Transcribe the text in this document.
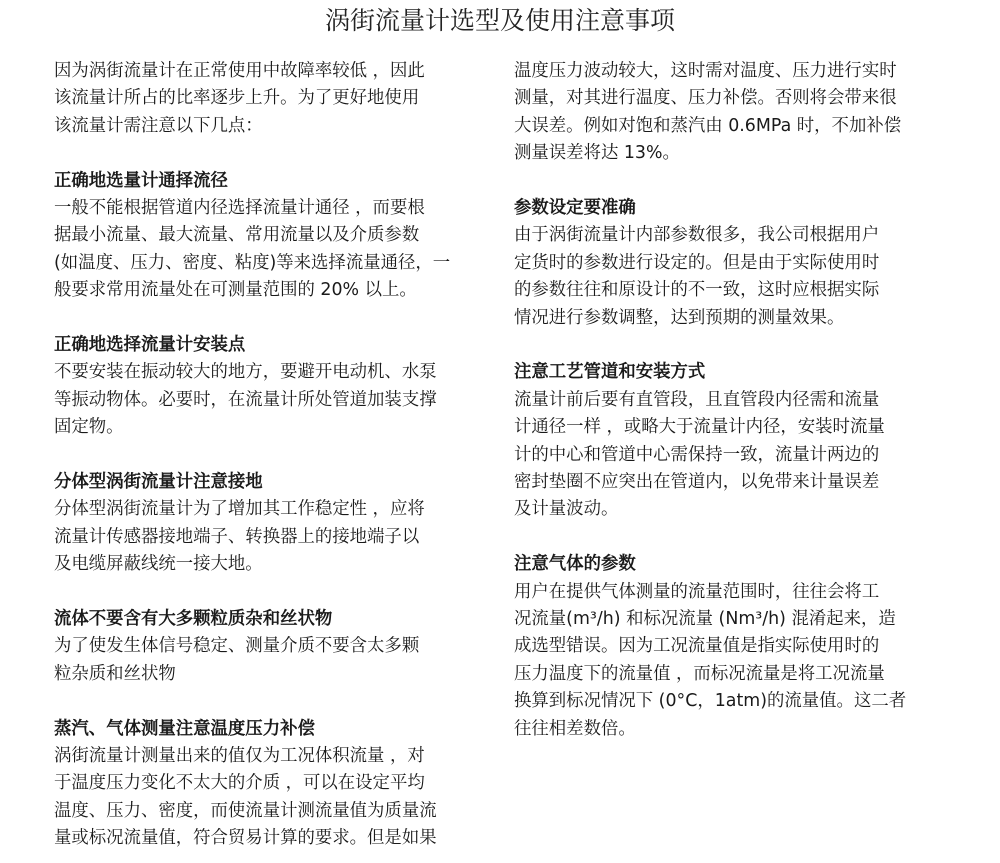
涡街流量计选型及使用注意事项

因为涡街流量计在正常使用中故障率较低 ，因此

该流量计所占的比率逐步上升。为了更好地使用

该流量计需注意以下几点：

正确地选量计通择流径

一般不能根据管道内径选择流量计通径 ，而要根

据最小流量、最大流量、常用流量以及介质参数

(如温度、压力、密度、粘度)等来选择流量通径，一

般要求常用流量处在可测量范围的 20% 以上。

正确地选择流量计安装点

不要安装在振动较大的地方，要避开电动机、水泵

等振动物体。必要时，在流量计所处管道加装支撑

固定物。

分体型涡街流量计注意接地

分体型涡街流量计为了增加其工作稳定性 ，应将

流量计传感器接地端子、转换器上的接地端子以

及电缆屏蔽线统一接大地。

流体不要含有大多颗粒质杂和丝状物

为了使发生体信号稳定、测量介质不要含太多颗

粒杂质和丝状物

蒸汽、气体测量注意温度压力补偿

涡街流量计测量出来的值仅为工况体积流量 ，对

于温度压力变化不太大的介质 ，可以在设定平均

温度、压力、密度，而使流量计测流量值为质量流

量或标况流量值，符合贸易计算的要求。但是如果

温度压力波动较大，这时需对温度、压力进行实时

测量，对其进行温度、压力补偿。否则将会带来很

大误差。例如对饱和蒸汽由 0.6MPa 时，不加补偿

测量误差将达 13%。

参数设定要准确

由于涡街流量计内部参数很多，我公司根据用户

定货时的参数进行设定的。但是由于实际使用时

的参数往往和原设计的不一致，这时应根据实际

情况进行参数调整，达到预期的测量效果。

注意工艺管道和安装方式

流量计前后要有直管段，且直管段内径需和流量

计通径一样 ，或略大于流量计内径，安装时流量

计的中心和管道中心需保持一致，流量计两边的

密封垫圈不应突出在管道内，以免带来计量误差

及计量波动。

注意气体的参数

用户在提供气体测量的流量范围时，往往会将工

况流量(m³/h) 和标况流量 (Nm³/h) 混淆起来，造

成选型错误。因为工况流量值是指实际使用时的

压力温度下的流量值 ，而标况流量是将工况流量

换算到标况情况下 (0°C，1atm)的流量值。这二者

往往相差数倍。
